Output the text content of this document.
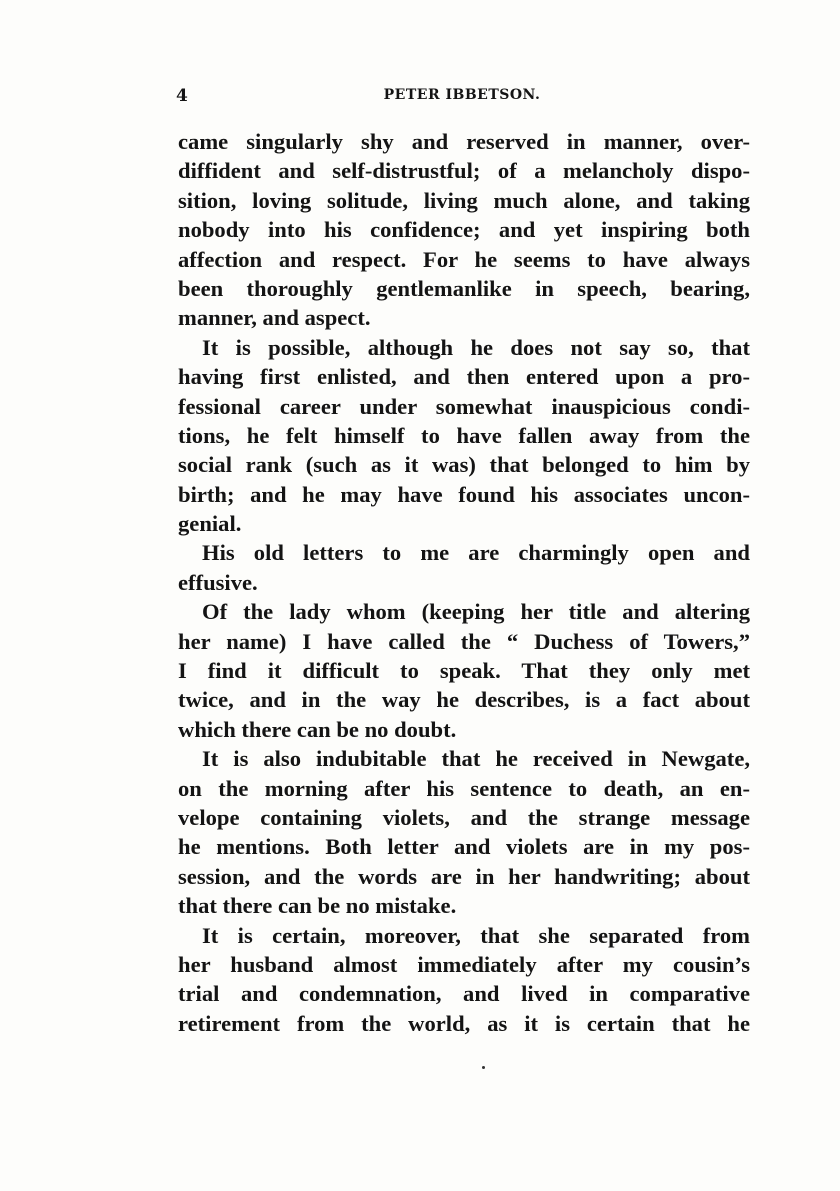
4	PETER IBBETSON.
came singularly shy and reserved in manner, over-
diffident and self-distrustful; of a melancholy dispo-
sition, loving solitude, living much alone, and taking
nobody into his confidence; and yet inspiring both
affection and respect. For he seems to have always
been thoroughly gentlemanlike in speech, bearing,
manner, and aspect.
It is possible, although he does not say so, that
having first enlisted, and then entered upon a pro-
fessional career under somewhat inauspicious condi-
tions, he felt himself to have fallen away from the
social rank (such as it was) that belonged to him by
birth; and he may have found his associates uncon-
genial.
His old letters to me are charmingly open and
effusive.
Of the lady whom (keeping her title and altering
her name) I have called the “ Duchess of Towers,”
I find it difficult to speak. That they only met
twice, and in the way he describes, is a fact about
which there can be no doubt.
It is also indubitable that he received in Newgate,
on the morning after his sentence to death, an en-
velope containing violets, and the strange message
he mentions. Both letter and violets are in my pos-
session, and the words are in her handwriting; about
that there can be no mistake.
It is certain, moreover, that she separated from
her husband almost immediately after my cousin’s
trial and condemnation, and lived in comparative
retirement from the world, as it is certain that he
